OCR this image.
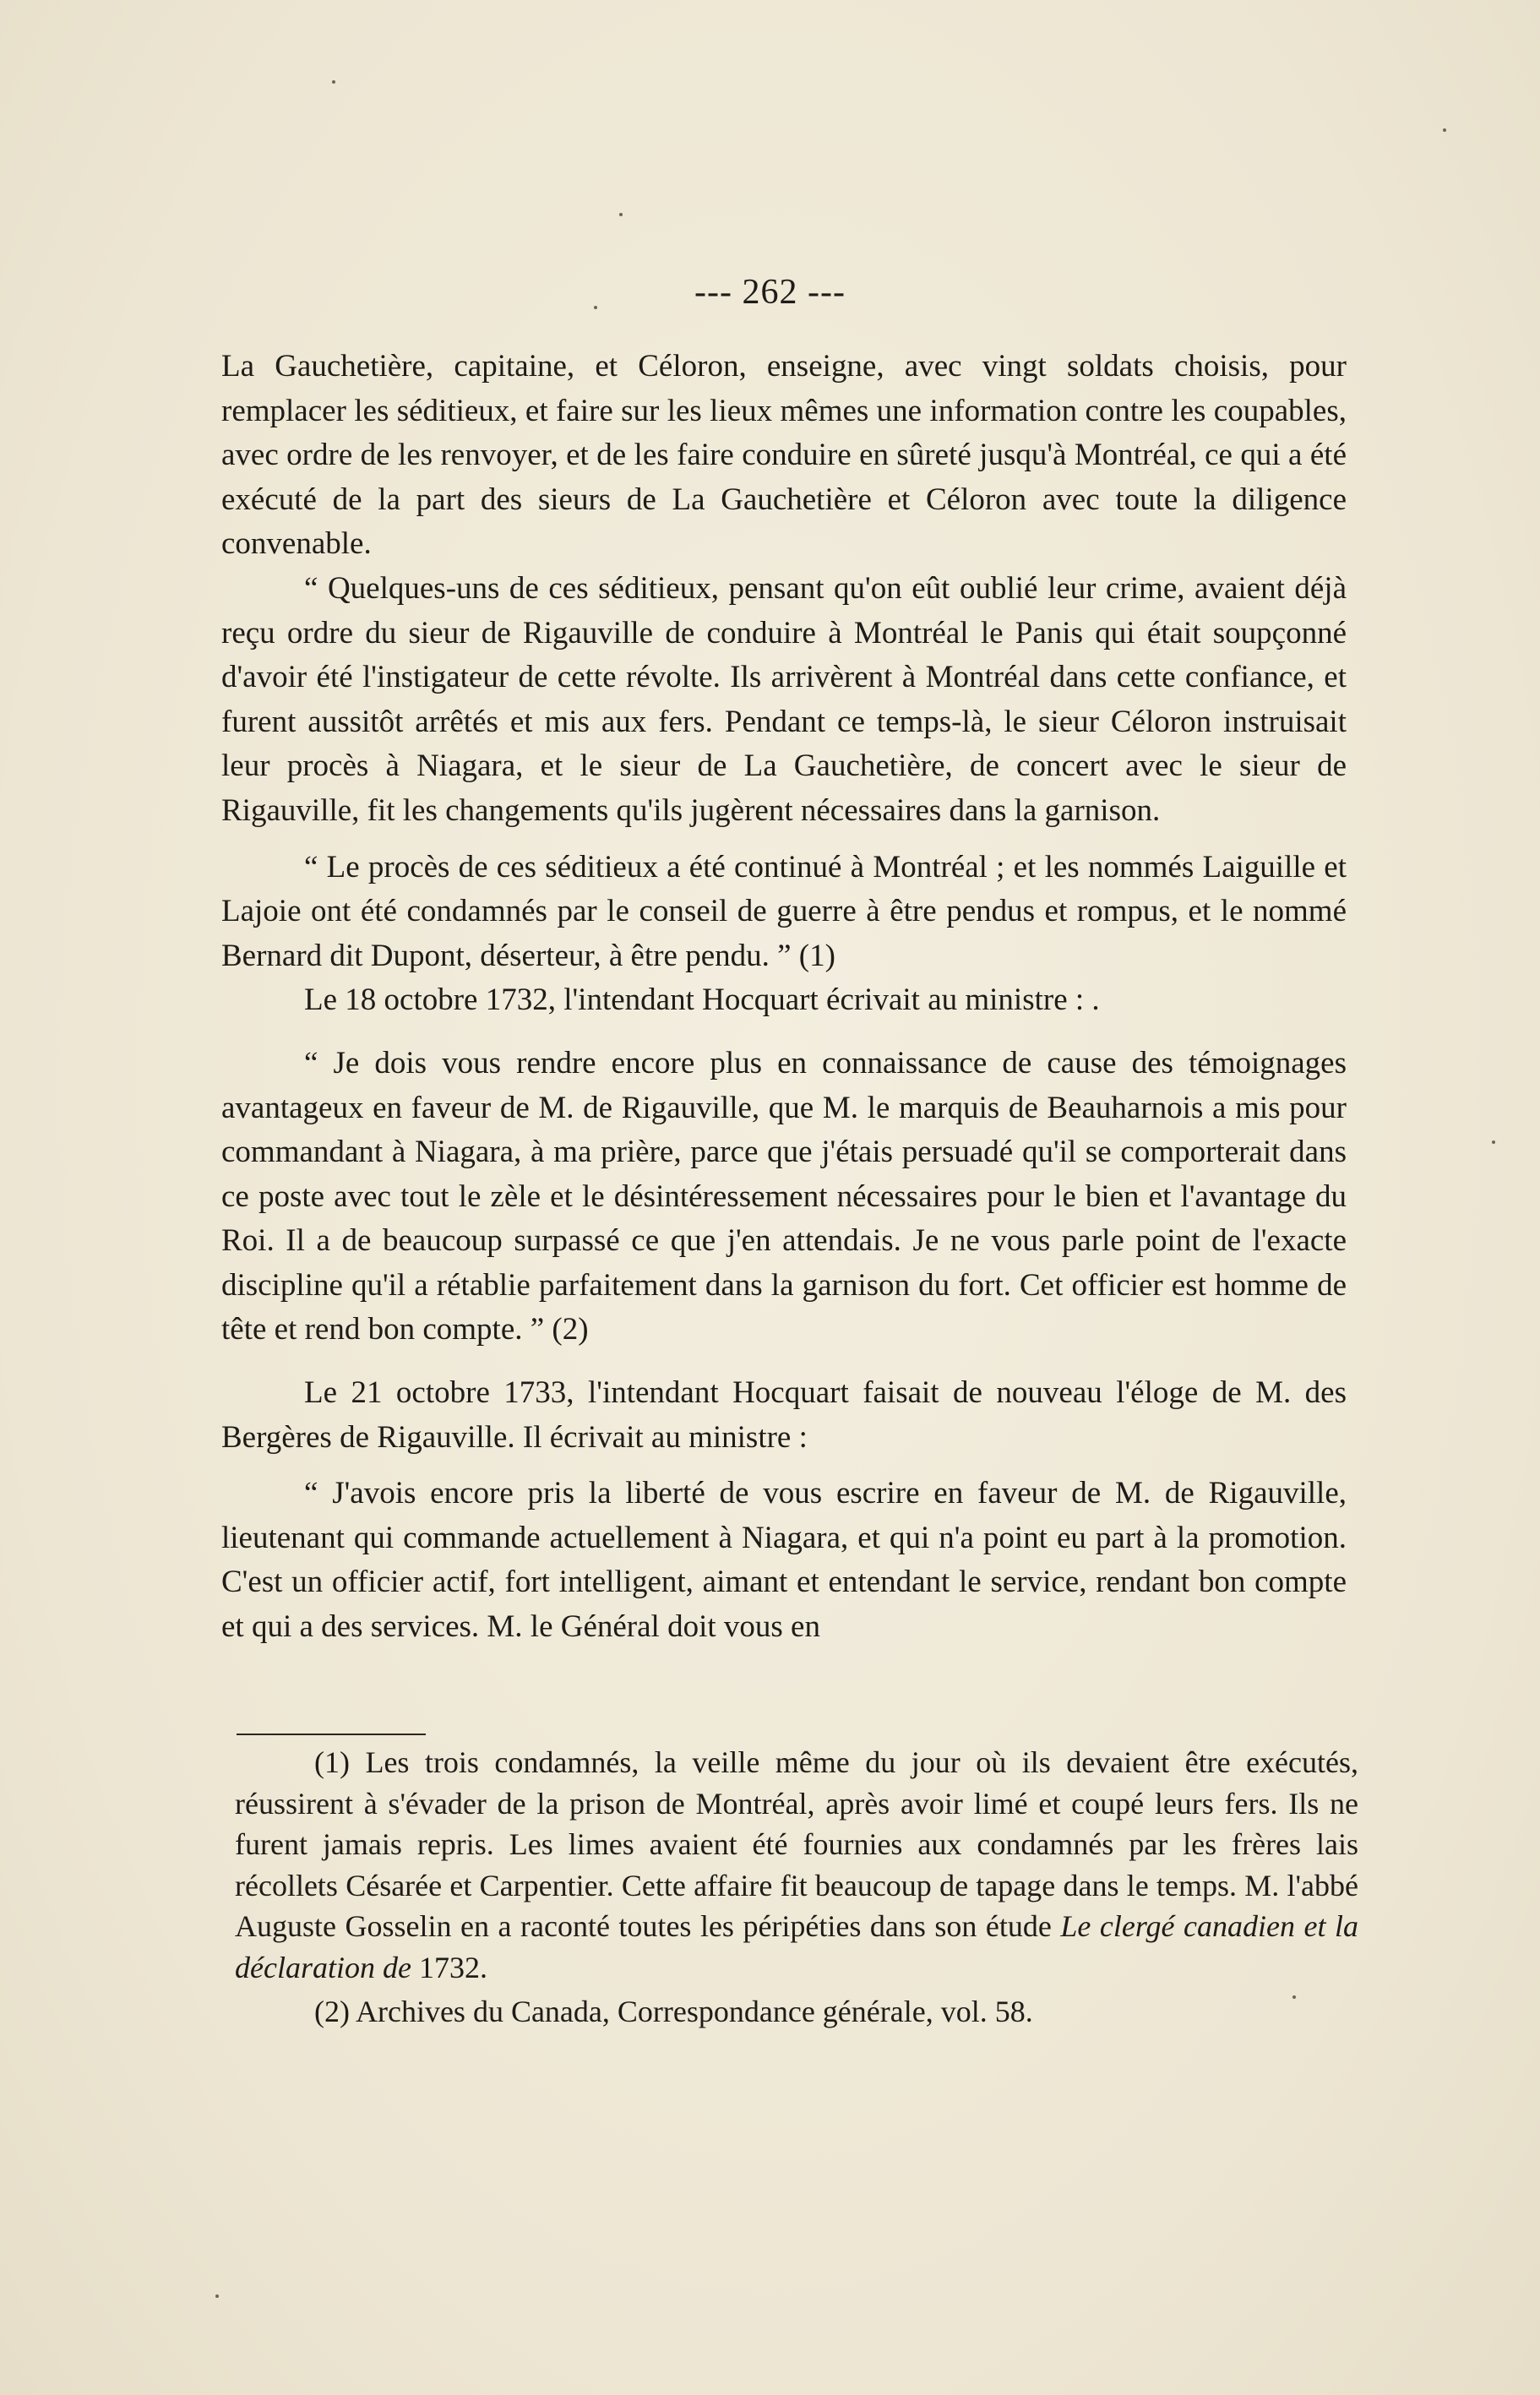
--- 262 ---

La Gauchetière, capitaine, et Céloron, enseigne, avec vingt soldats choisis, pour remplacer les séditieux, et faire sur les lieux mêmes une information contre les coupables, avec ordre de les renvoyer, et de les faire conduire en sûreté jusqu'à Montréal, ce qui a été exécuté de la part des sieurs de La Gauchetière et Céloron avec toute la diligence convenable.

“ Quelques-uns de ces séditieux, pensant qu'on eût oublié leur crime, avaient déjà reçu ordre du sieur de Rigauville de conduire à Montréal le Panis qui était soupçonné d'avoir été l'instigateur de cette révolte. Ils arrivèrent à Montréal dans cette confiance, et furent aussitôt arrêtés et mis aux fers. Pendant ce temps-là, le sieur Céloron instruisait leur procès à Niagara, et le sieur de La Gauchetière, de concert avec le sieur de Rigauville, fit les changements qu'ils jugèrent nécessaires dans la garnison.

“ Le procès de ces séditieux a été continué à Montréal ; et les nommés Laiguille et Lajoie ont été condamnés par le conseil de guerre à être pendus et rompus, et le nommé Bernard dit Dupont, déserteur, à être pendu. ” (1)

Le 18 octobre 1732, l'intendant Hocquart écrivait au ministre : .

“ Je dois vous rendre encore plus en connaissance de cause des témoignages avantageux en faveur de M. de Rigauville, que M. le marquis de Beauharnois a mis pour commandant à Niagara, à ma prière, parce que j'étais persuadé qu'il se comporterait dans ce poste avec tout le zèle et le désintéressement nécessaires pour le bien et l'avantage du Roi. Il a de beaucoup surpassé ce que j'en attendais. Je ne vous parle point de l'exacte discipline qu'il a rétablie parfaitement dans la garnison du fort. Cet officier est homme de tête et rend bon compte. ” (2)

Le 21 octobre 1733, l'intendant Hocquart faisait de nouveau l'éloge de M. des Bergères de Rigauville. Il écrivait au ministre :

“ J'avois encore pris la liberté de vous escrire en faveur de M. de Rigauville, lieutenant qui commande actuellement à Niagara, et qui n'a point eu part à la promotion. C'est un officier actif, fort intelligent, aimant et entendant le service, rendant bon compte et qui a des services. M. le Général doit vous en

(1) Les trois condamnés, la veille même du jour où ils devaient être exécutés, réussirent à s'évader de la prison de Montréal, après avoir limé et coupé leurs fers. Ils ne furent jamais repris. Les limes avaient été fournies aux condamnés par les frères lais récollets Césarée et Carpentier. Cette affaire fit beaucoup de tapage dans le temps. M. l'abbé Auguste Gosselin en a raconté toutes les péripéties dans son étude Le clergé canadien et la déclaration de 1732.

(2) Archives du Canada, Correspondance générale, vol. 58.
